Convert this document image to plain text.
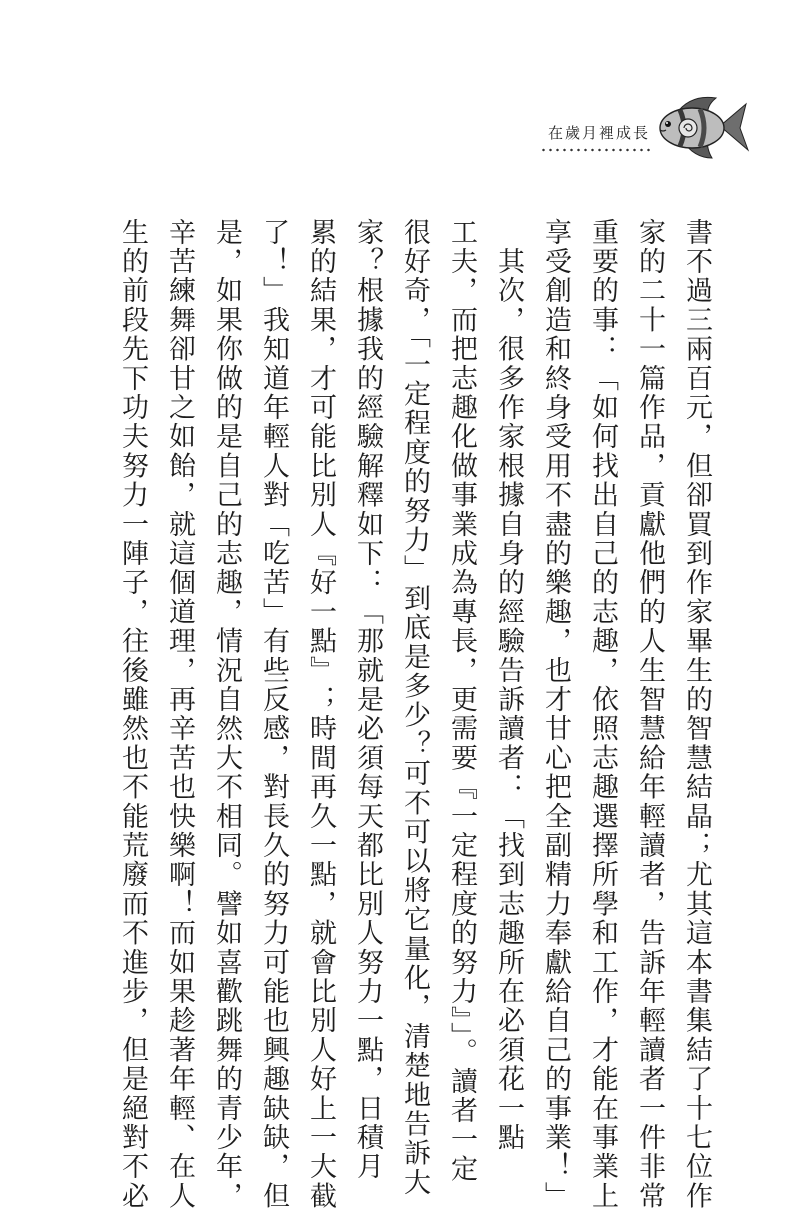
在歲月裡成長
書不過三兩百元，但卻買到作家畢生的智慧結晶；尤其這本書集結了十七位作
家的二十一篇作品，貢獻他們的人生智慧給年輕讀者，告訴年輕讀者一件非常
重要的事：「如何找出自己的志趣，依照志趣選擇所學和工作，才能在事業上
享受創造和終身受用不盡的樂趣，也才甘心把全副精力奉獻給自己的事業！」
　其次，很多作家根據自身的經驗告訴讀者：「找到志趣所在必須花一點
工夫，而把志趣化做事業成為專長，更需要『一定程度的努力』」。讀者一定
很好奇，「一定程度的努力」到底是多少？可不可以將它量化，清楚地告訴大
家？根據我的經驗解釋如下：「那就是必須每天都比別人努力一點，日積月
累的結果，才可能比別人『好一點』；時間再久一點，就會比別人好上一大截
了！」我知道年輕人對「吃苦」有些反感，對長久的努力可能也興趣缺缺，但
是，如果你做的是自己的志趣，情況自然大不相同。譬如喜歡跳舞的青少年，
辛苦練舞卻甘之如飴，就這個道理，再辛苦也快樂啊！而如果趁著年輕、在人
生的前段先下功夫努力一陣子，往後雖然也不能荒廢而不進步，但是絕對不必
